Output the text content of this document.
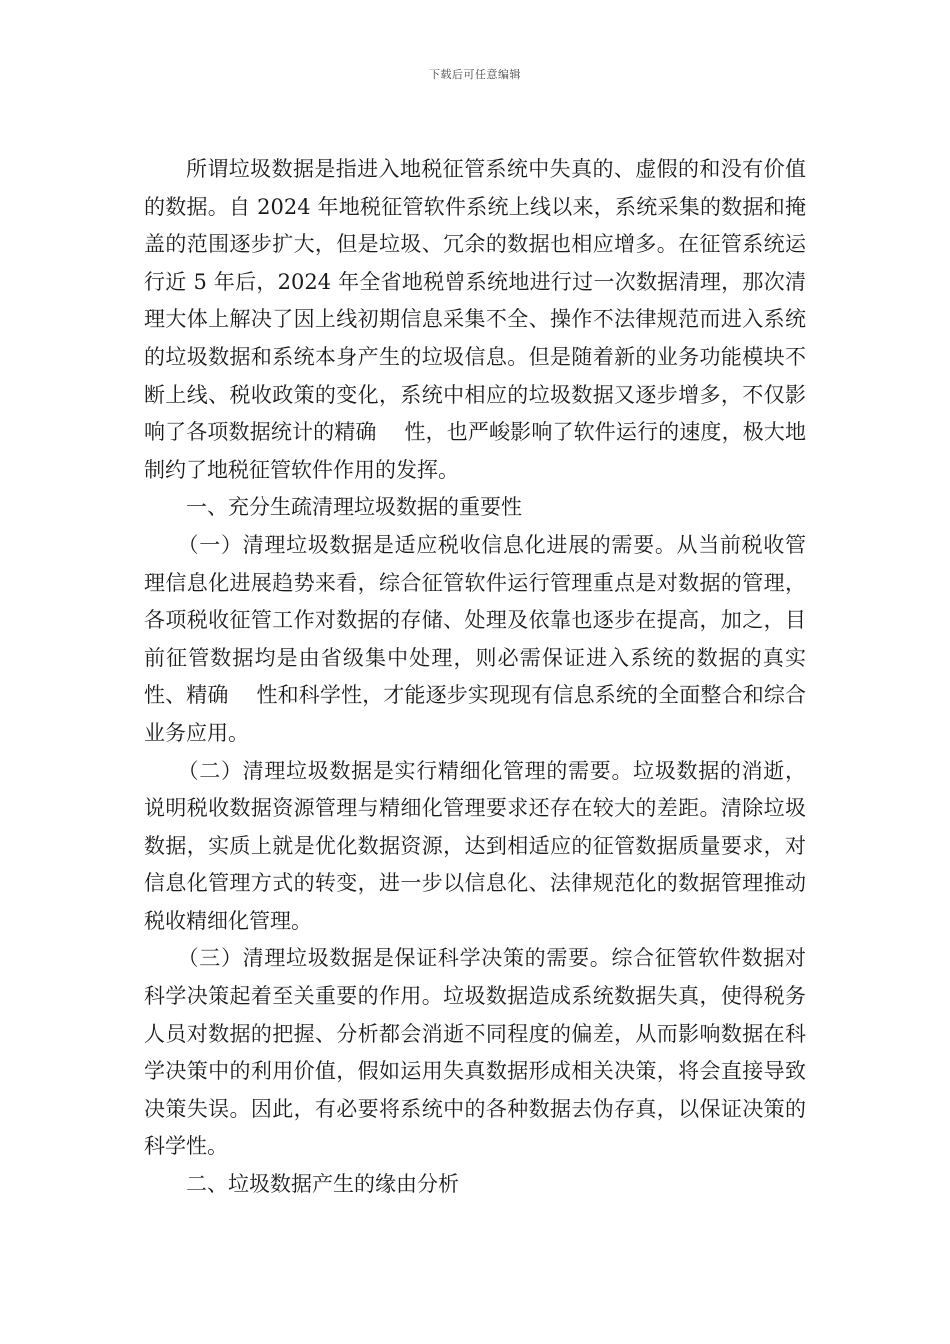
下载后可任意编辑

所谓垃圾数据是指进入地税征管系统中失真的、虚假的和没有价值的数据。自 2024 年地税征管软件系统上线以来，系统采集的数据和掩盖的范围逐步扩大，但是垃圾、冗余的数据也相应增多。在征管系统运行近 5 年后，2024 年全省地税曾系统地进行过一次数据清理，那次清理大体上解决了因上线初期信息采集不全、操作不法律规范而进入系统的垃圾数据和系统本身产生的垃圾信息。但是随着新的业务功能模块不断上线、税收政策的变化，系统中相应的垃圾数据又逐步增多，不仅影响了各项数据统计的精确　 性，也严峻影响了软件运行的速度，极大地制约了地税征管软件作用的发挥。

一、充分生疏清理垃圾数据的重要性

（一）清理垃圾数据是适应税收信息化进展的需要。从当前税收管理信息化进展趋势来看，综合征管软件运行管理重点是对数据的管理，各项税收征管工作对数据的存储、处理及依靠也逐步在提高，加之，目前征管数据均是由省级集中处理，则必需保证进入系统的数据的真实性、精确　 性和科学性，才能逐步实现现有信息系统的全面整合和综合业务应用。

（二）清理垃圾数据是实行精细化管理的需要。垃圾数据的消逝，说明税收数据资源管理与精细化管理要求还存在较大的差距。清除垃圾数据，实质上就是优化数据资源，达到相适应的征管数据质量要求，对信息化管理方式的转变，进一步以信息化、法律规范化的数据管理推动税收精细化管理。

（三）清理垃圾数据是保证科学决策的需要。综合征管软件数据对科学决策起着至关重要的作用。垃圾数据造成系统数据失真，使得税务人员对数据的把握、分析都会消逝不同程度的偏差，从而影响数据在科学决策中的利用价值，假如运用失真数据形成相关决策，将会直接导致决策失误。因此，有必要将系统中的各种数据去伪存真，以保证决策的科学性。

二、垃圾数据产生的缘由分析
